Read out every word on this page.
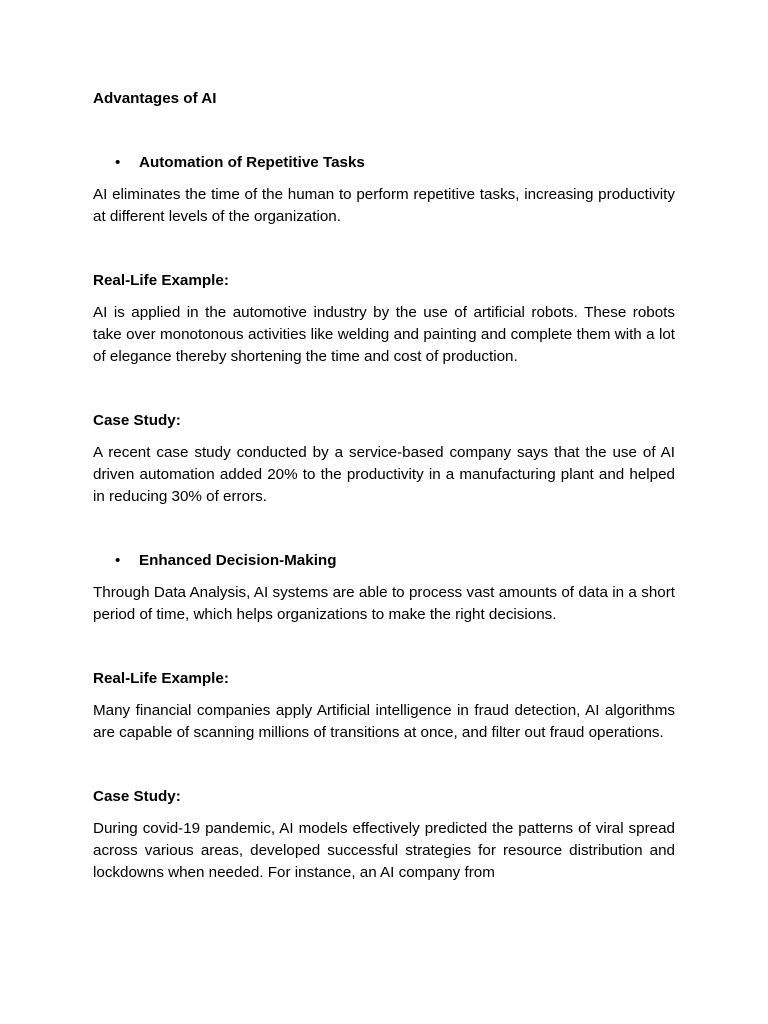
Advantages of AI

•	Automation of Repetitive Tasks

AI eliminates the time of the human to perform repetitive tasks, increasing productivity at different levels of the organization.

Real-Life Example:

AI is applied in the automotive industry by the use of artificial robots. These robots take over monotonous activities like welding and painting and complete them with a lot of elegance thereby shortening the time and cost of production.

Case Study:

A recent case study conducted by a service-based company says that the use of AI driven automation added 20% to the productivity in a manufacturing plant and helped in reducing 30% of errors.

•	Enhanced Decision-Making

Through Data Analysis, AI systems are able to process vast amounts of data in a short period of time, which helps organizations to make the right decisions.

Real-Life Example:

Many financial companies apply Artificial intelligence in fraud detection, AI algorithms are capable of scanning millions of transitions at once, and filter out fraud operations.

Case Study:

During covid-19 pandemic, AI models effectively predicted the patterns of viral spread across various areas, developed successful strategies for resource distribution and lockdowns when needed. For instance, an AI company from
